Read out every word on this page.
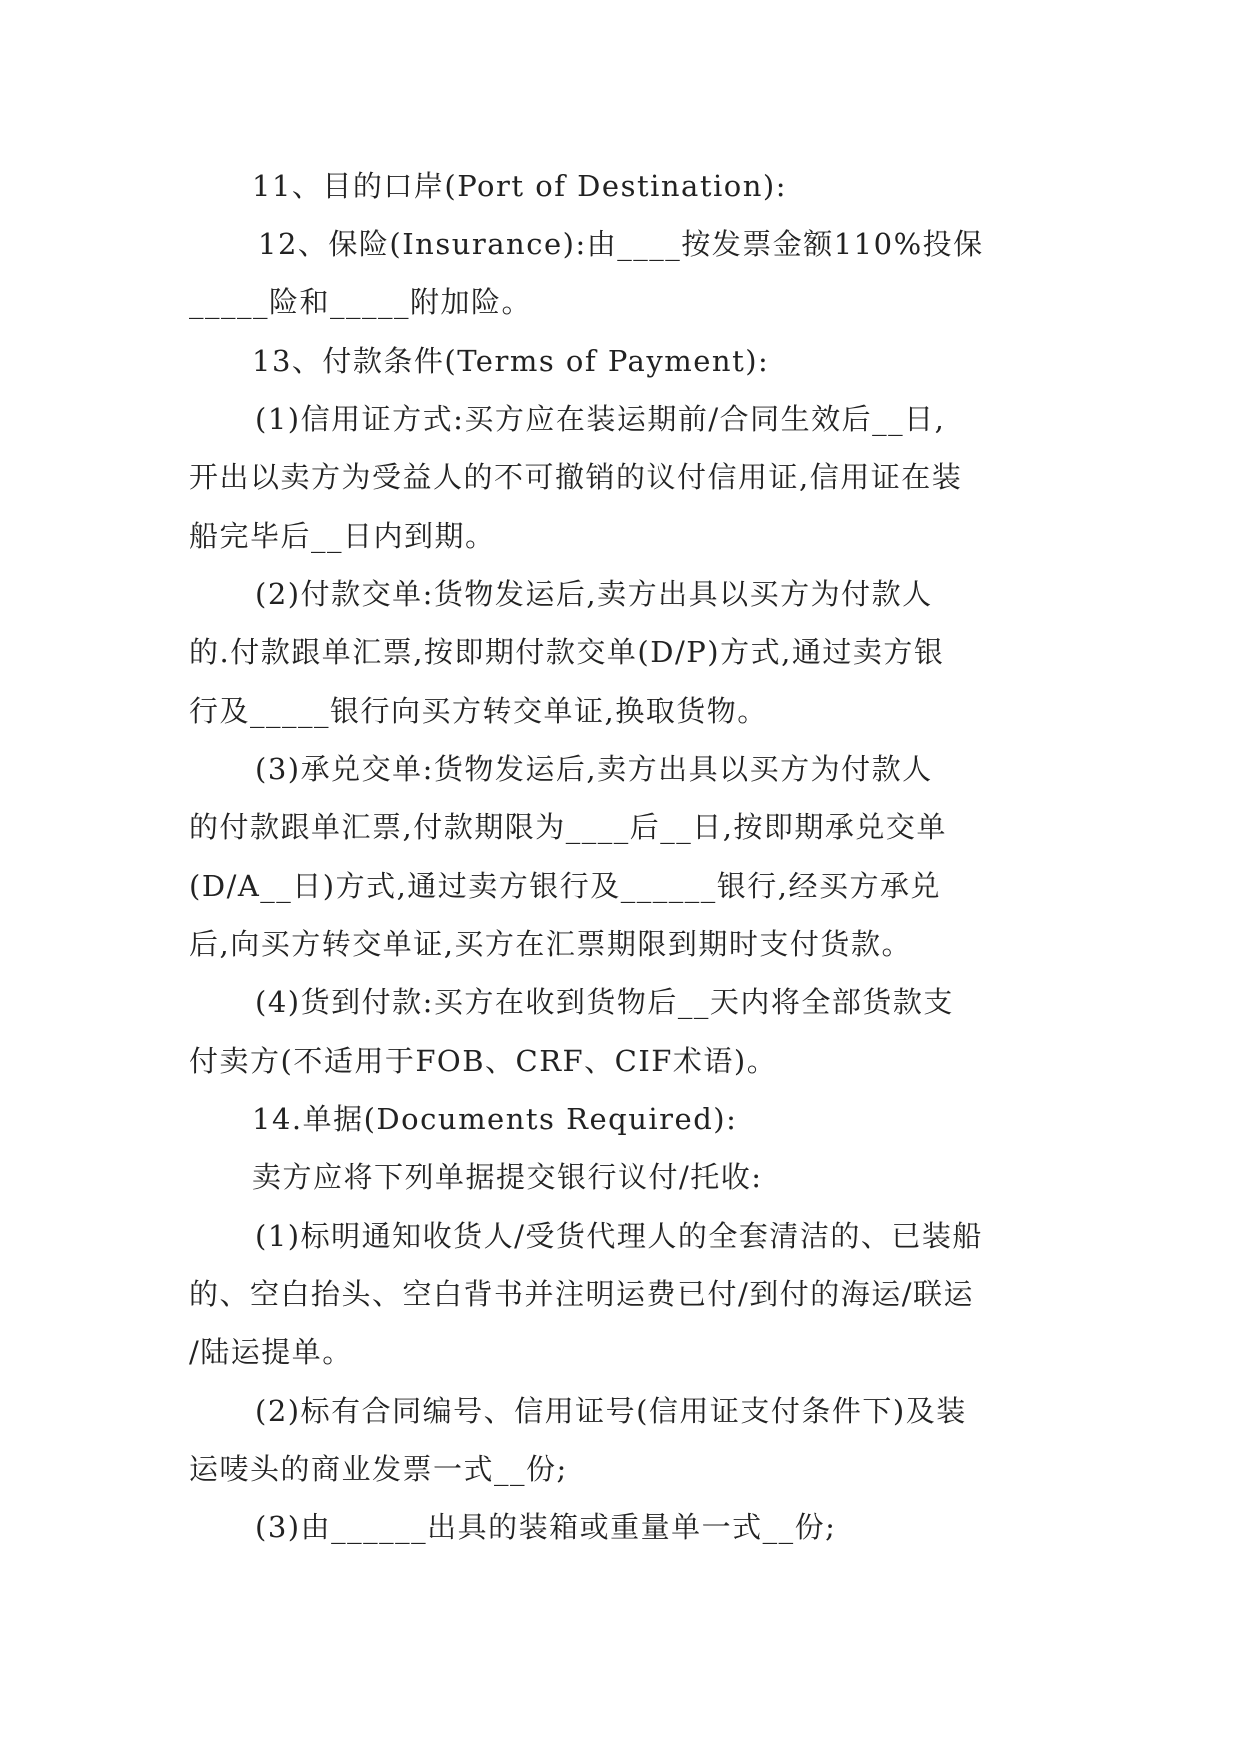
11、目的口岸(Port of Destination):
12、保险(Insurance):由____按发票金额110%投保
_____险和_____附加险。
13、付款条件(Terms of Payment):
(1)信用证方式:买方应在装运期前/合同生效后__日,
开出以卖方为受益人的不可撤销的议付信用证,信用证在装
船完毕后__日内到期。
(2)付款交单:货物发运后,卖方出具以买方为付款人
的.付款跟单汇票,按即期付款交单(D/P)方式,通过卖方银
行及_____银行向买方转交单证,换取货物。
(3)承兑交单:货物发运后,卖方出具以买方为付款人
的付款跟单汇票,付款期限为____后__日,按即期承兑交单
(D/A__日)方式,通过卖方银行及______银行,经买方承兑
后,向买方转交单证,买方在汇票期限到期时支付货款。
(4)货到付款:买方在收到货物后__天内将全部货款支
付卖方(不适用于FOB、CRF、CIF术语)。
14.单据(Documents Required):
卖方应将下列单据提交银行议付/托收:
(1)标明通知收货人/受货代理人的全套清洁的、已装船
的、空白抬头、空白背书并注明运费已付/到付的海运/联运
/陆运提单。
(2)标有合同编号、信用证号(信用证支付条件下)及装
运唛头的商业发票一式__份;
(3)由______出具的装箱或重量单一式__份;
